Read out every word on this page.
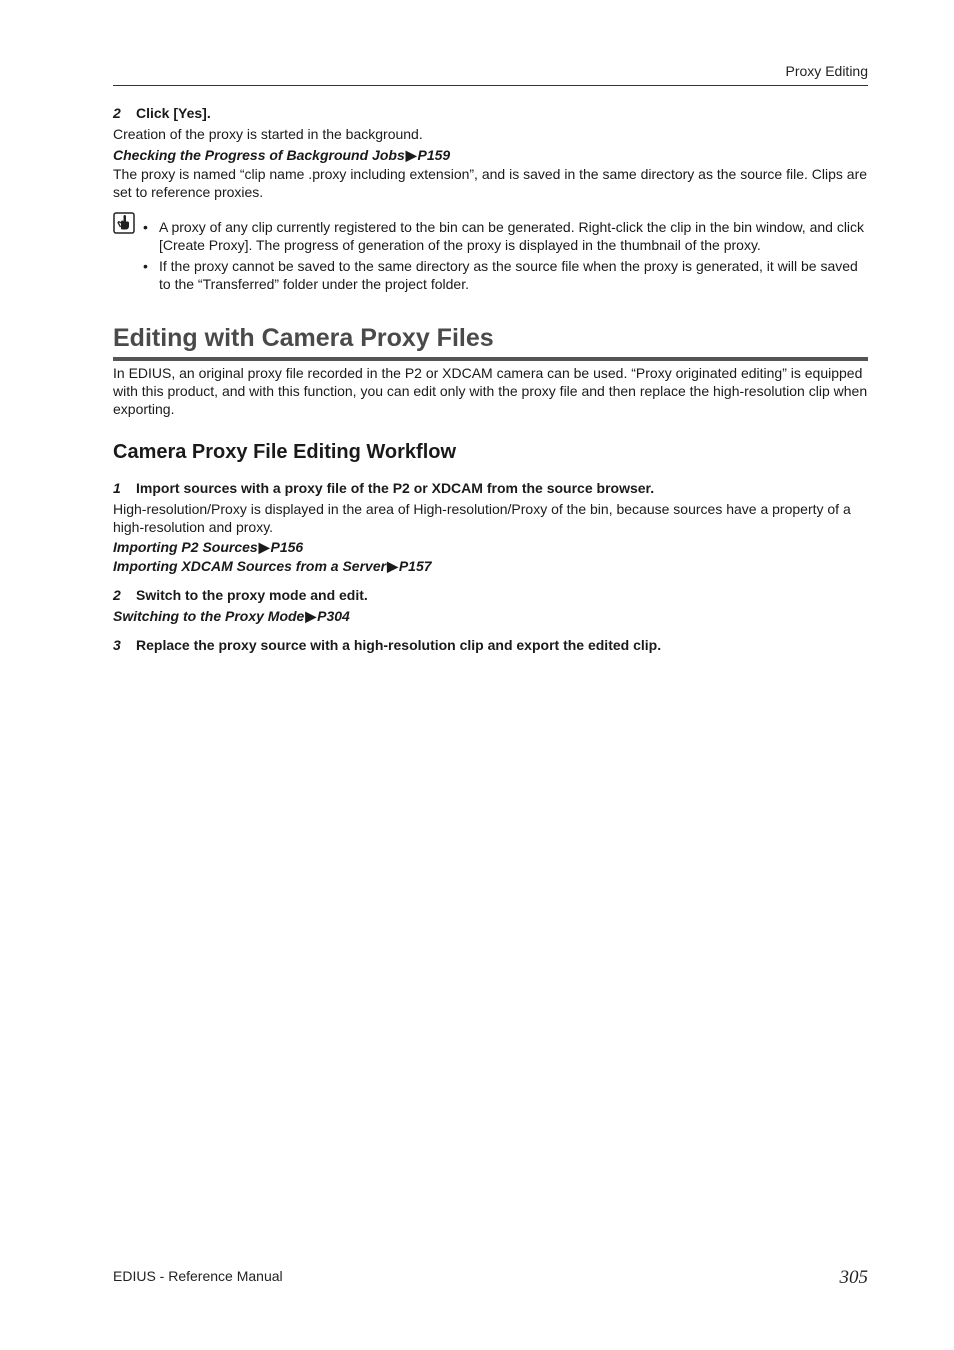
Proxy Editing

2 Click [Yes].

Creation of the proxy is started in the background.

Checking the Progress of Background Jobs▶P159

The proxy is named “clip name .proxy including extension”, and is saved in the same directory as the source file. Clips are set to reference proxies.

• A proxy of any clip currently registered to the bin can be generated. Right-click the clip in the bin window, and click [Create Proxy]. The progress of generation of the proxy is displayed in the thumbnail of the proxy.
• If the proxy cannot be saved to the same directory as the source file when the proxy is generated, it will be saved to the “Transferred” folder under the project folder.
Editing with Camera Proxy Files

In EDIUS, an original proxy file recorded in the P2 or XDCAM camera can be used. “Proxy originated editing” is equipped with this product, and with this function, you can edit only with the proxy file and then replace the high-resolution clip when exporting.

Camera Proxy File Editing Workflow

1 Import sources with a proxy file of the P2 or XDCAM from the source browser.

High-resolution/Proxy is displayed in the area of High-resolution/Proxy of the bin, because sources have a property of a high-resolution and proxy.

Importing P2 Sources▶P156

Importing XDCAM Sources from a Server▶P157

2 Switch to the proxy mode and edit.

Switching to the Proxy Mode▶P304

3 Replace the proxy source with a high-resolution clip and export the edited clip.

EDIUS - Reference Manual	305
